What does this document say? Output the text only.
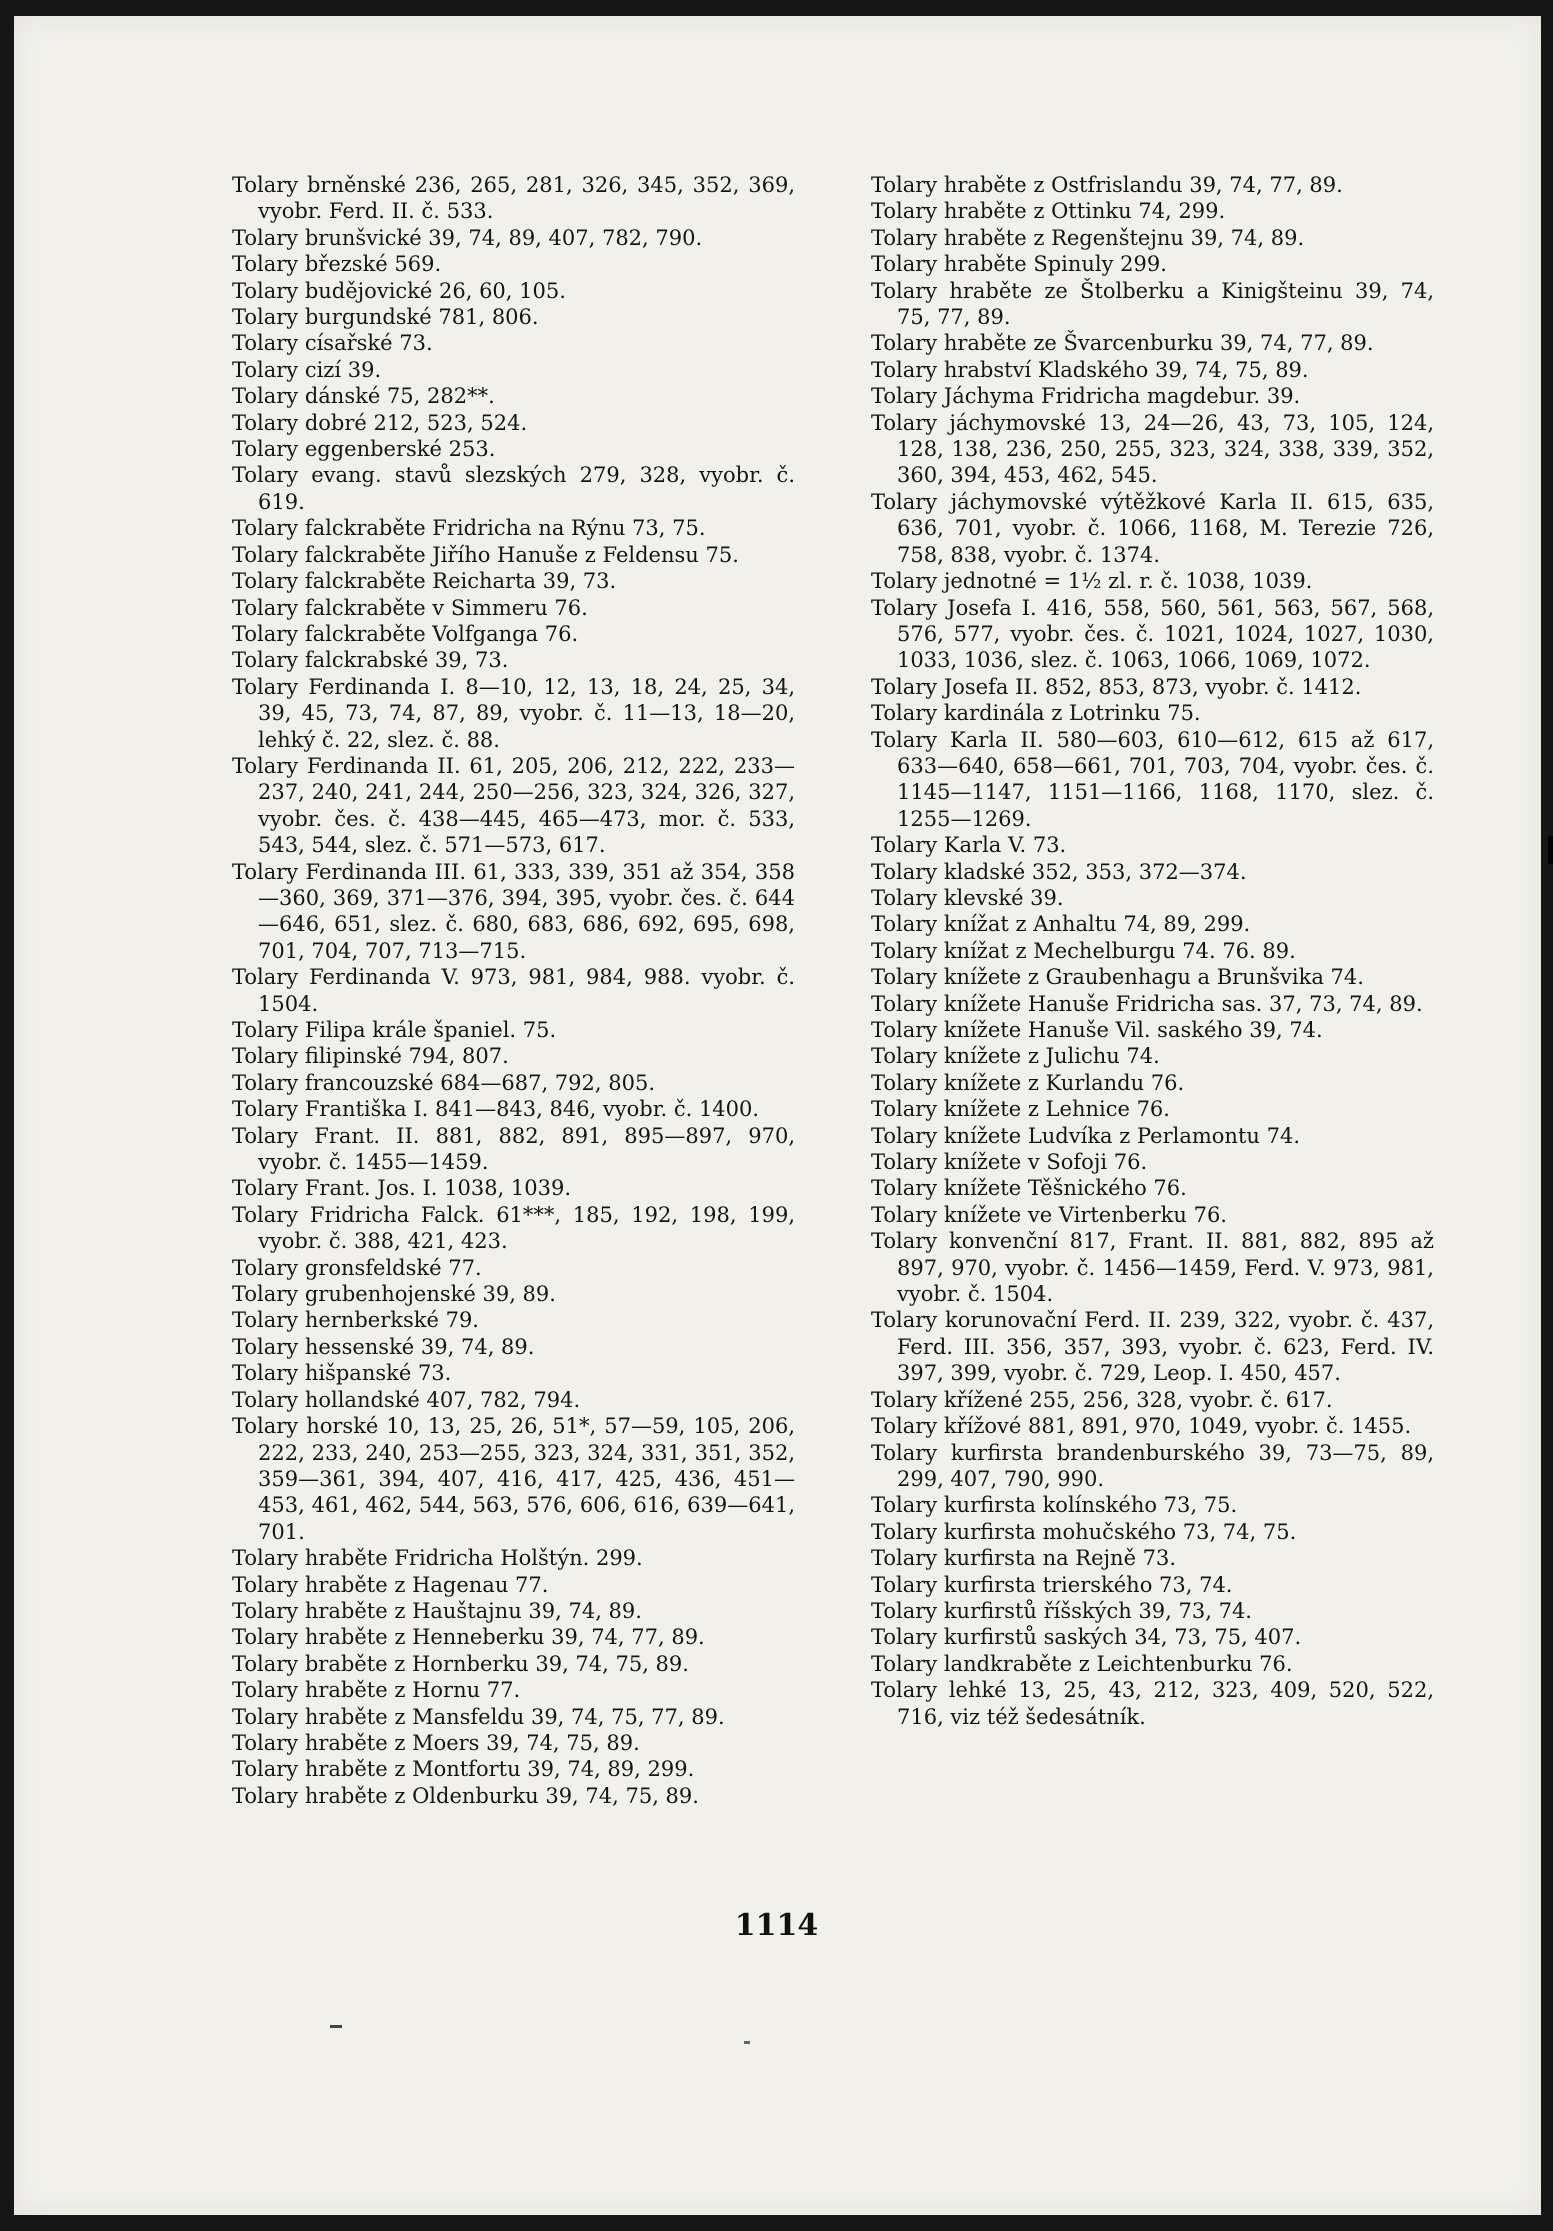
Tolary brněnské 236, 265, 281, 326, 345, 352, 369, vyobr. Ferd. II. č. 533.

Tolary brunšvické 39, 74, 89, 407, 782, 790.

Tolary březské 569.

Tolary budějovické 26, 60, 105.

Tolary burgundské 781, 806.

Tolary císařské 73.

Tolary cizí 39.

Tolary dánské 75, 282**.

Tolary dobré 212, 523, 524.

Tolary eggenberské 253.

Tolary evang. stavů slezských 279, 328, vyobr. č. 619.

Tolary falckraběte Fridricha na Rýnu 73, 75.

Tolary falckraběte Jiřího Hanuše z Feldensu 75.

Tolary falckraběte Reicharta 39, 73.

Tolary falckraběte v Simmeru 76.

Tolary falckraběte Volfganga 76.

Tolary falckrabské 39, 73.

Tolary Ferdinanda I. 8—10, 12, 13, 18, 24, 25, 34, 39, 45, 73, 74, 87, 89, vyobr. č. 11—13, 18—20, lehký č. 22, slez. č. 88.

Tolary Ferdinanda II. 61, 205, 206, 212, 222, 233—237, 240, 241, 244, 250—256, 323, 324, 326, 327, vyobr. čes. č. 438—445, 465—473, mor. č. 533, 543, 544, slez. č. 571—573, 617.

Tolary Ferdinanda III. 61, 333, 339, 351 až 354, 358—360, 369, 371—376, 394, 395, vyobr. čes. č. 644—646, 651, slez. č. 680, 683, 686, 692, 695, 698, 701, 704, 707, 713—715.

Tolary Ferdinanda V. 973, 981, 984, 988. vyobr. č. 1504.

Tolary Filipa krále španiel. 75.

Tolary filipinské 794, 807.

Tolary francouzské 684—687, 792, 805.

Tolary Františka I. 841—843, 846, vyobr. č. 1400.

Tolary Frant. II. 881, 882, 891, 895—897, 970, vyobr. č. 1455—1459.

Tolary Frant. Jos. I. 1038, 1039.

Tolary Fridricha Falck. 61***, 185, 192, 198, 199, vyobr. č. 388, 421, 423.

Tolary gronsfeldské 77.

Tolary grubenhojenské 39, 89.

Tolary hernberkské 79.

Tolary hessenské 39, 74, 89.

Tolary hišpanské 73.

Tolary hollandské 407, 782, 794.

Tolary horské 10, 13, 25, 26, 51*, 57—59, 105, 206, 222, 233, 240, 253—255, 323, 324, 331, 351, 352, 359—361, 394, 407, 416, 417, 425, 436, 451—453, 461, 462, 544, 563, 576, 606, 616, 639—641, 701.

Tolary hraběte Fridricha Holštýn. 299.

Tolary hraběte z Hagenau 77.

Tolary hraběte z Hauštajnu 39, 74, 89.

Tolary hraběte z Henneberku 39, 74, 77, 89.

Tolary braběte z Hornberku 39, 74, 75, 89.

Tolary hraběte z Hornu 77.

Tolary hraběte z Mansfeldu 39, 74, 75, 77, 89.

Tolary hraběte z Moers 39, 74, 75, 89.

Tolary hraběte z Montfortu 39, 74, 89, 299.

Tolary hraběte z Oldenburku 39, 74, 75, 89.

Tolary hraběte z Ostfrislandu 39, 74, 77, 89.

Tolary hraběte z Ottinku 74, 299.

Tolary hraběte z Regenštejnu 39, 74, 89.

Tolary hraběte Spinuly 299.

Tolary hraběte ze Štolberku a Kinigšteinu 39, 74, 75, 77, 89.

Tolary hraběte ze Švarcenburku 39, 74, 77, 89.

Tolary hrabství Kladského 39, 74, 75, 89.

Tolary Jáchyma Fridricha magdebur. 39.

Tolary jáchymovské 13, 24—26, 43, 73, 105, 124, 128, 138, 236, 250, 255, 323, 324, 338, 339, 352, 360, 394, 453, 462, 545.

Tolary jáchymovské výtěžkové Karla II. 615, 635, 636, 701, vyobr. č. 1066, 1168, M. Terezie 726, 758, 838, vyobr. č. 1374.

Tolary jednotné = 1½ zl. r. č. 1038, 1039.

Tolary Josefa I. 416, 558, 560, 561, 563, 567, 568, 576, 577, vyobr. čes. č. 1021, 1024, 1027, 1030, 1033, 1036, slez. č. 1063, 1066, 1069, 1072.

Tolary Josefa II. 852, 853, 873, vyobr. č. 1412.

Tolary kardinála z Lotrinku 75.

Tolary Karla II. 580—603, 610—612, 615 až 617, 633—640, 658—661, 701, 703, 704, vyobr. čes. č. 1145—1147, 1151—1166, 1168, 1170, slez. č. 1255—1269.

Tolary Karla V. 73.

Tolary kladské 352, 353, 372—374.

Tolary klevské 39.

Tolary knížat z Anhaltu 74, 89, 299.

Tolary knížat z Mechelburgu 74. 76. 89.

Tolary knížete z Graubenhagu a Brunšvika 74.

Tolary knížete Hanuše Fridricha sas. 37, 73, 74, 89.

Tolary knížete Hanuše Vil. saského 39, 74.

Tolary knížete z Julichu 74.

Tolary knížete z Kurlandu 76.

Tolary knížete z Lehnice 76.

Tolary knížete Ludvíka z Perlamontu 74.

Tolary knížete v Sofoji 76.

Tolary knížete Těšnického 76.

Tolary knížete ve Virtenberku 76.

Tolary konvenční 817, Frant. II. 881, 882, 895 až 897, 970, vyobr. č. 1456—1459, Ferd. V. 973, 981, vyobr. č. 1504.

Tolary korunovační Ferd. II. 239, 322, vyobr. č. 437, Ferd. III. 356, 357, 393, vyobr. č. 623, Ferd. IV. 397, 399, vyobr. č. 729, Leop. I. 450, 457.

Tolary křížené 255, 256, 328, vyobr. č. 617.

Tolary křížové 881, 891, 970, 1049, vyobr. č. 1455.

Tolary kurfirsta brandenburského 39, 73—75, 89, 299, 407, 790, 990.

Tolary kurfirsta kolínského 73, 75.

Tolary kurfirsta mohučského 73, 74, 75.

Tolary kurfirsta na Rejně 73.

Tolary kurfirsta trierského 73, 74.

Tolary kurfirstů říšských 39, 73, 74.

Tolary kurfirstů saských 34, 73, 75, 407.

Tolary landkraběte z Leichtenburku 76.

Tolary lehké 13, 25, 43, 212, 323, 409, 520, 522, 716, viz též šedesátník.

1114
